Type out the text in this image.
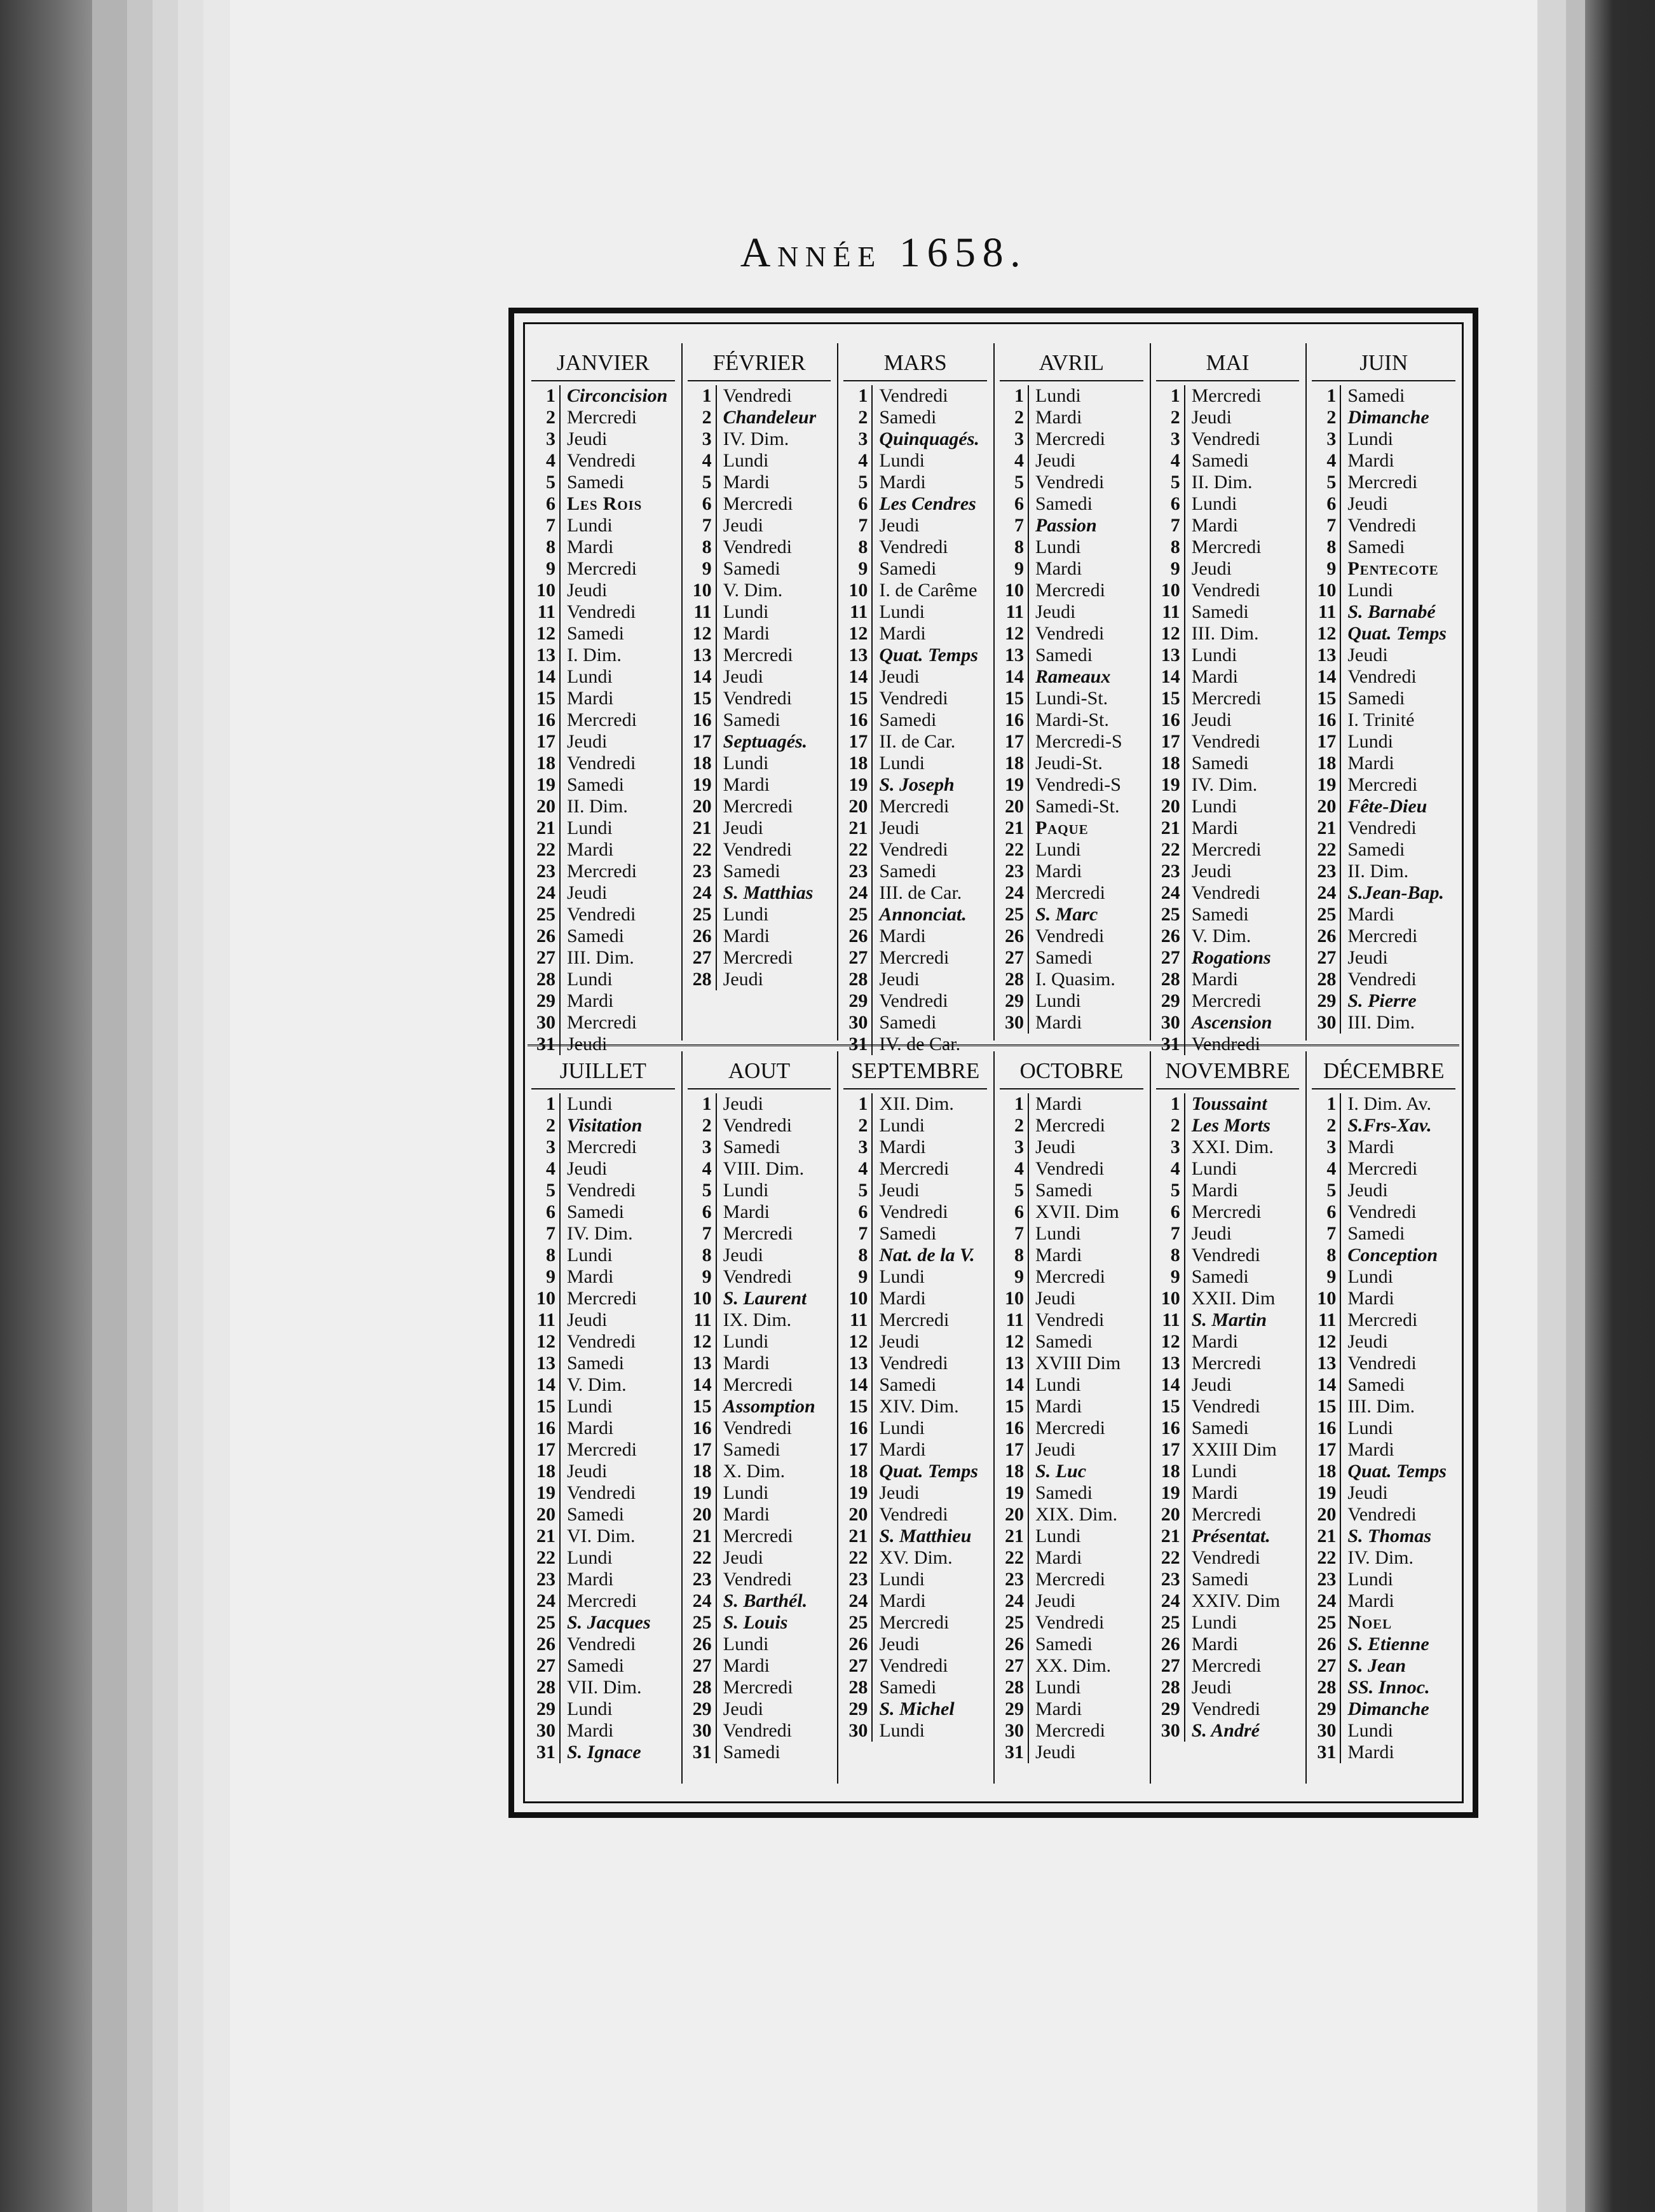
Année 1658.
JANVIER
1 Circoncision
2 Mercredi
3 Jeudi
4 Vendredi
5 Samedi
6 Les Rois
7 Lundi
8 Mardi
9 Mercredi
10 Jeudi
11 Vendredi
12 Samedi
13 I. Dim.
14 Lundi
15 Mardi
16 Mercredi
17 Jeudi
18 Vendredi
19 Samedi
20 II. Dim.
21 Lundi
22 Mardi
23 Mercredi
24 Jeudi
25 Vendredi
26 Samedi
27 III. Dim.
28 Lundi
29 Mardi
30 Mercredi
31 Jeudi
FÉVRIER
1 Vendredi
2 Chandeleur
3 IV. Dim.
4 Lundi
5 Mardi
6 Mercredi
7 Jeudi
8 Vendredi
9 Samedi
10 V. Dim.
11 Lundi
12 Mardi
13 Mercredi
14 Jeudi
15 Vendredi
16 Samedi
17 Septuagés.
18 Lundi
19 Mardi
20 Mercredi
21 Jeudi
22 Vendredi
23 Samedi
24 S. Matthias
25 Lundi
26 Mardi
27 Mercredi
28 Jeudi
MARS
1 Vendredi
2 Samedi
3 Quinquagés.
4 Lundi
5 Mardi
6 Les Cendres
7 Jeudi
8 Vendredi
9 Samedi
10 I. de Carême
11 Lundi
12 Mardi
13 Quat. Temps
14 Jeudi
15 Vendredi
16 Samedi
17 II. de Car.
18 Lundi
19 S. Joseph
20 Mercredi
21 Jeudi
22 Vendredi
23 Samedi
24 III. de Car.
25 Annonciat.
26 Mardi
27 Mercredi
28 Jeudi
29 Vendredi
30 Samedi
31 IV. de Car.
AVRIL
1 Lundi
2 Mardi
3 Mercredi
4 Jeudi
5 Vendredi
6 Samedi
7 Passion
8 Lundi
9 Mardi
10 Mercredi
11 Jeudi
12 Vendredi
13 Samedi
14 Rameaux
15 Lundi-St.
16 Mardi-St.
17 Mercredi-S
18 Jeudi-St.
19 Vendredi-S
20 Samedi-St.
21 Paque
22 Lundi
23 Mardi
24 Mercredi
25 S. Marc
26 Vendredi
27 Samedi
28 I. Quasim.
29 Lundi
30 Mardi
MAI
1 Mercredi
2 Jeudi
3 Vendredi
4 Samedi
5 II. Dim.
6 Lundi
7 Mardi
8 Mercredi
9 Jeudi
10 Vendredi
11 Samedi
12 III. Dim.
13 Lundi
14 Mardi
15 Mercredi
16 Jeudi
17 Vendredi
18 Samedi
19 IV. Dim.
20 Lundi
21 Mardi
22 Mercredi
23 Jeudi
24 Vendredi
25 Samedi
26 V. Dim.
27 Rogations
28 Mardi
29 Mercredi
30 Ascension
31 Vendredi
JUIN
1 Samedi
2 Dimanche
3 Lundi
4 Mardi
5 Mercredi
6 Jeudi
7 Vendredi
8 Samedi
9 Pentecote
10 Lundi
11 S. Barnabé
12 Quat. Temps
13 Jeudi
14 Vendredi
15 Samedi
16 I. Trinité
17 Lundi
18 Mardi
19 Mercredi
20 Fête-Dieu
21 Vendredi
22 Samedi
23 II. Dim.
24 S.Jean-Bap.
25 Mardi
26 Mercredi
27 Jeudi
28 Vendredi
29 S. Pierre
30 III. Dim.
JUILLET
1 Lundi
2 Visitation
3 Mercredi
4 Jeudi
5 Vendredi
6 Samedi
7 IV. Dim.
8 Lundi
9 Mardi
10 Mercredi
11 Jeudi
12 Vendredi
13 Samedi
14 V. Dim.
15 Lundi
16 Mardi
17 Mercredi
18 Jeudi
19 Vendredi
20 Samedi
21 VI. Dim.
22 Lundi
23 Mardi
24 Mercredi
25 S. Jacques
26 Vendredi
27 Samedi
28 VII. Dim.
29 Lundi
30 Mardi
31 S. Ignace
AOUT
1 Jeudi
2 Vendredi
3 Samedi
4 VIII. Dim.
5 Lundi
6 Mardi
7 Mercredi
8 Jeudi
9 Vendredi
10 S. Laurent
11 IX. Dim.
12 Lundi
13 Mardi
14 Mercredi
15 Assomption
16 Vendredi
17 Samedi
18 X. Dim.
19 Lundi
20 Mardi
21 Mercredi
22 Jeudi
23 Vendredi
24 S. Barthél.
25 S. Louis
26 Lundi
27 Mardi
28 Mercredi
29 Jeudi
30 Vendredi
31 Samedi
SEPTEMBRE
1 XII. Dim.
2 Lundi
3 Mardi
4 Mercredi
5 Jeudi
6 Vendredi
7 Samedi
8 Nat. de la V.
9 Lundi
10 Mardi
11 Mercredi
12 Jeudi
13 Vendredi
14 Samedi
15 XIV. Dim.
16 Lundi
17 Mardi
18 Quat. Temps
19 Jeudi
20 Vendredi
21 S. Matthieu
22 XV. Dim.
23 Lundi
24 Mardi
25 Mercredi
26 Jeudi
27 Vendredi
28 Samedi
29 S. Michel
30 Lundi
OCTOBRE
1 Mardi
2 Mercredi
3 Jeudi
4 Vendredi
5 Samedi
6 XVII. Dim
7 Lundi
8 Mardi
9 Mercredi
10 Jeudi
11 Vendredi
12 Samedi
13 XVIII Dim
14 Lundi
15 Mardi
16 Mercredi
17 Jeudi
18 S. Luc
19 Samedi
20 XIX. Dim.
21 Lundi
22 Mardi
23 Mercredi
24 Jeudi
25 Vendredi
26 Samedi
27 XX. Dim.
28 Lundi
29 Mardi
30 Mercredi
31 Jeudi
NOVEMBRE
1 Toussaint
2 Les Morts
3 XXI. Dim.
4 Lundi
5 Mardi
6 Mercredi
7 Jeudi
8 Vendredi
9 Samedi
10 XXII. Dim
11 S. Martin
12 Mardi
13 Mercredi
14 Jeudi
15 Vendredi
16 Samedi
17 XXIII Dim
18 Lundi
19 Mardi
20 Mercredi
21 Présentat.
22 Vendredi
23 Samedi
24 XXIV. Dim
25 Lundi
26 Mardi
27 Mercredi
28 Jeudi
29 Vendredi
30 S. André
DÉCEMBRE
1 I. Dim. Av.
2 S.Frs-Xav.
3 Mardi
4 Mercredi
5 Jeudi
6 Vendredi
7 Samedi
8 Conception
9 Lundi
10 Mardi
11 Mercredi
12 Jeudi
13 Vendredi
14 Samedi
15 III. Dim.
16 Lundi
17 Mardi
18 Quat. Temps
19 Jeudi
20 Vendredi
21 S. Thomas
22 IV. Dim.
23 Lundi
24 Mardi
25 Noel
26 S. Etienne
27 S. Jean
28 SS. Innoc.
29 Dimanche
30 Lundi
31 Mardi
